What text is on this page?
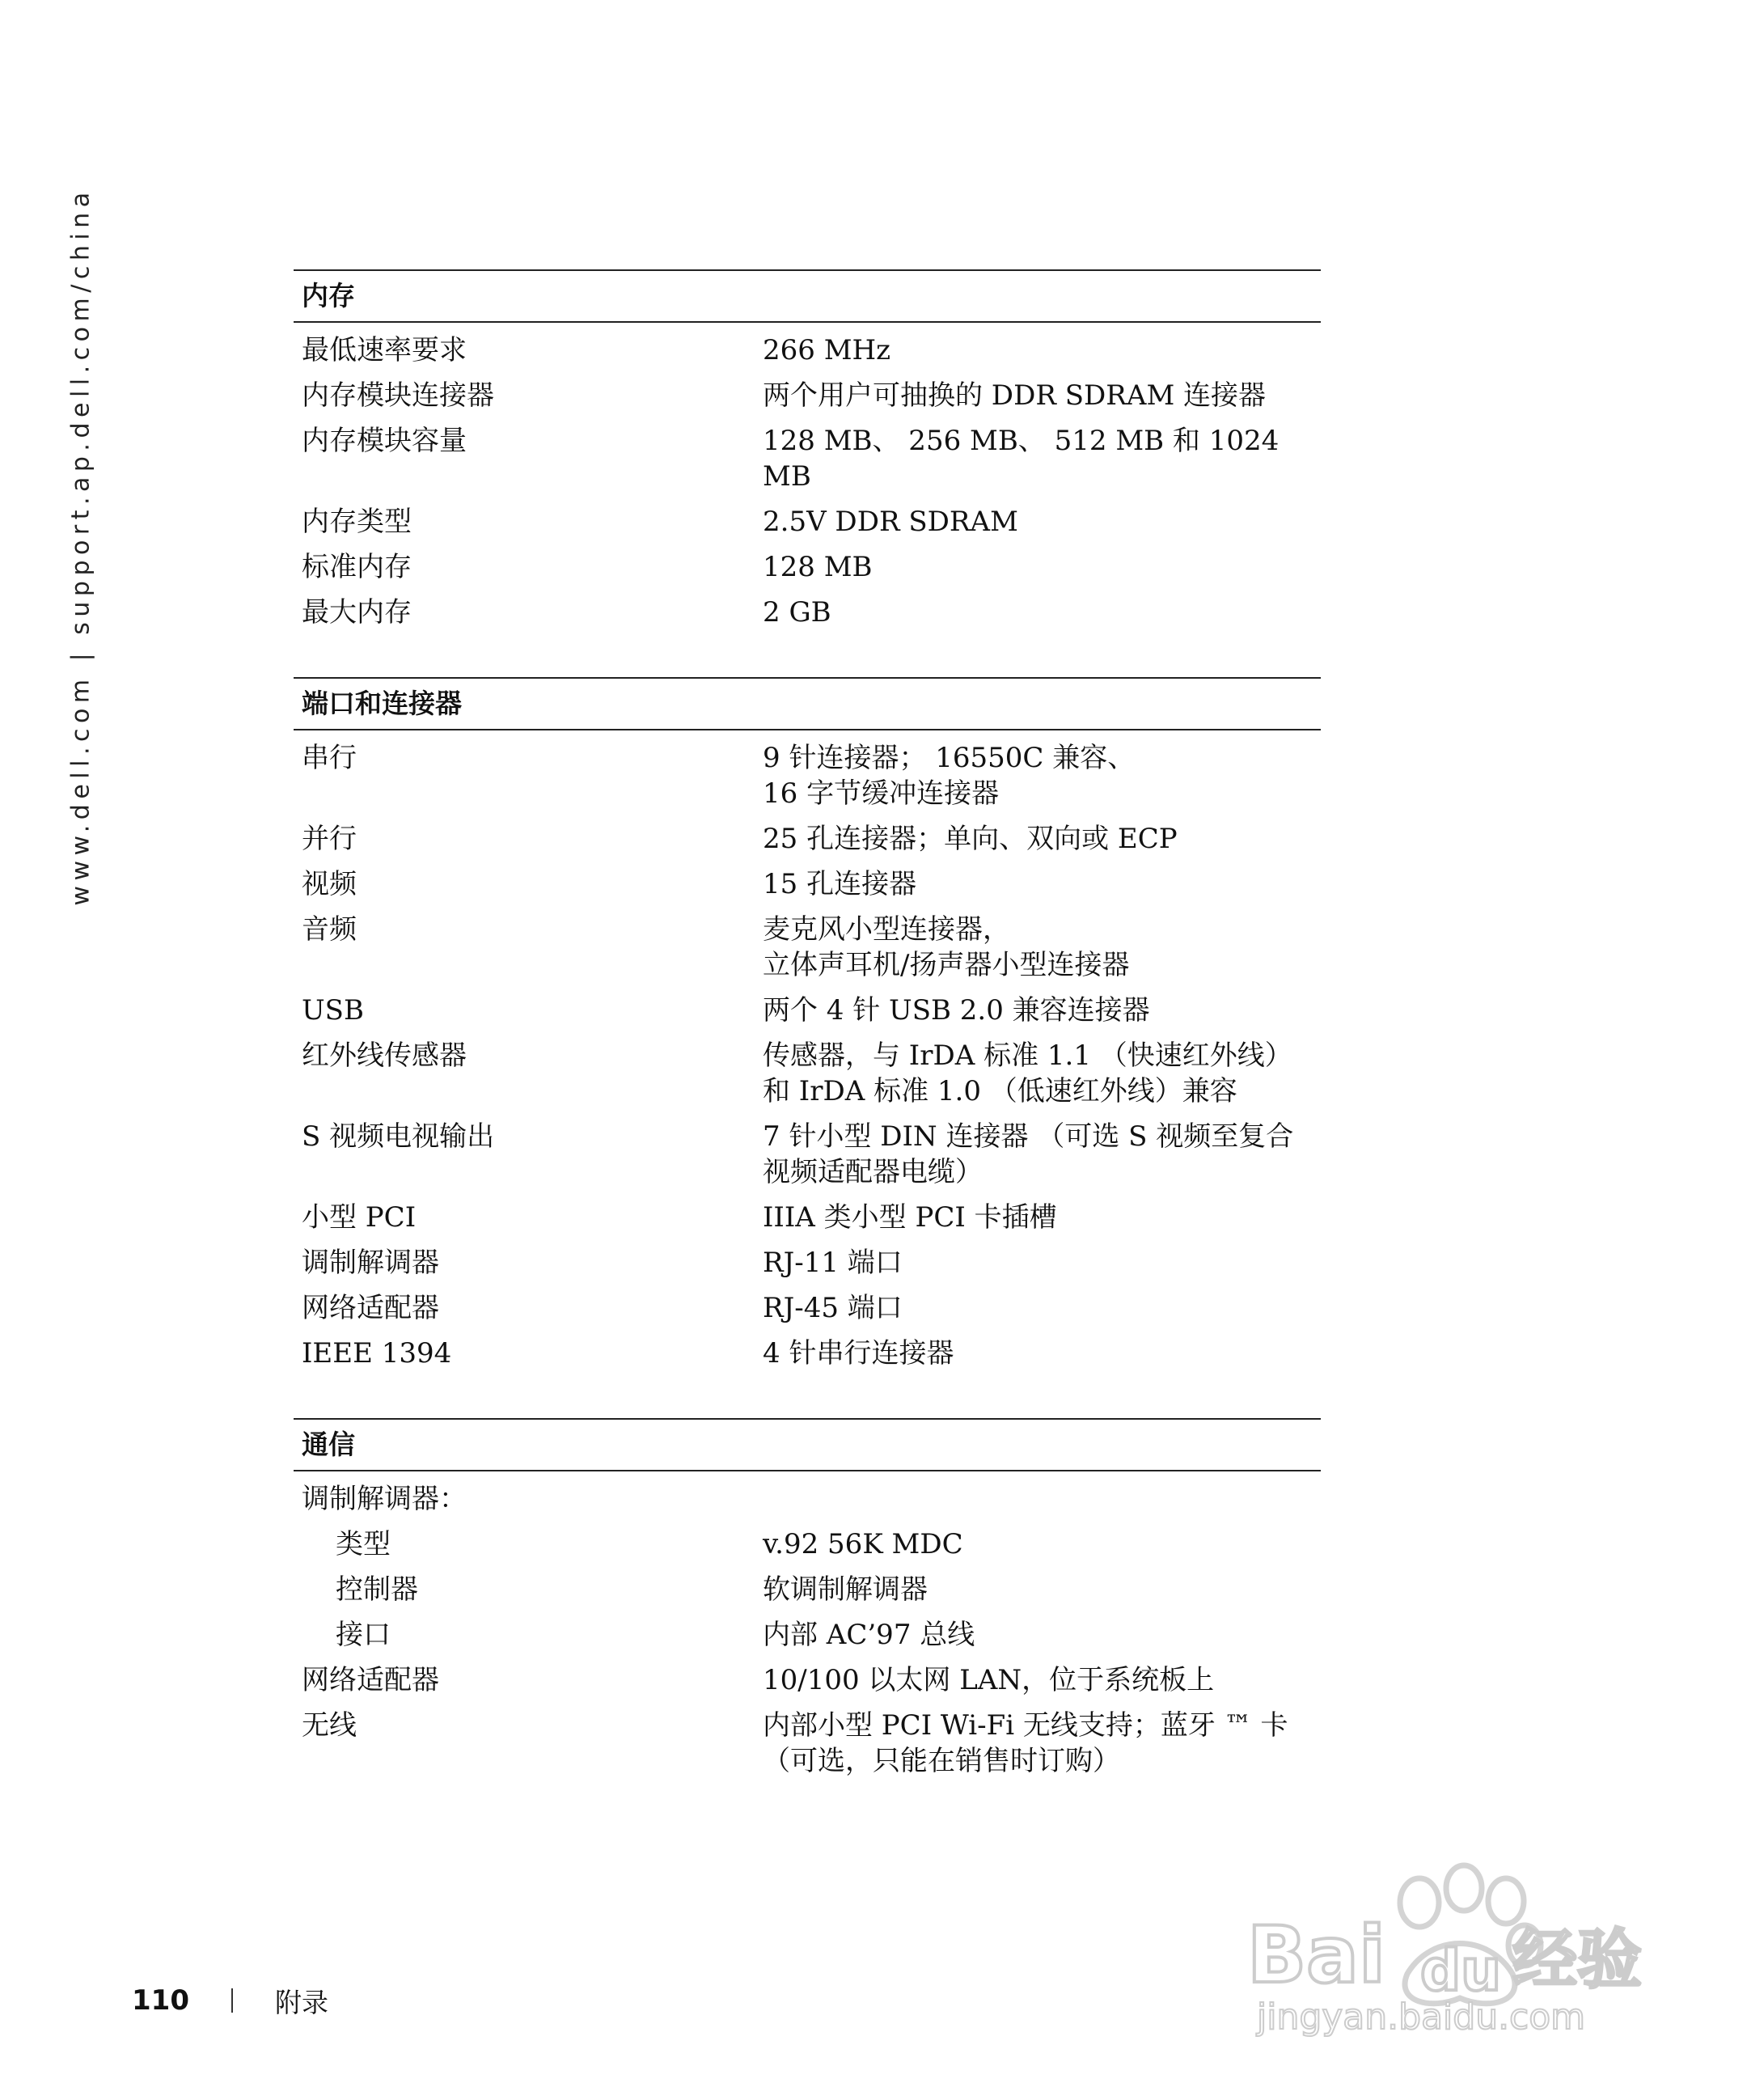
www.dell.com | support.ap.dell.com/china	内存
最低速率要求	266 MHz
内存模块连接器	两个用户可抽换的 DDR SDRAM 连接器
内存模块容量	128 MB、 256 MB、 512 MB 和 1024 MB
内存类型	2.5V DDR SDRAM
标准内存	128 MB
最大内存	2 GB
端口和连接器
串行	9 针连接器； 16550C 兼容、
16 字节缓冲连接器
并行	25 孔连接器；单向、双向或 ECP
视频	15 孔连接器
音频	麦克风小型连接器，
立体声耳机/扬声器小型连接器
USB	两个 4 针 USB 2.0 兼容连接器
红外线传感器	传感器，与 IrDA 标准 1.1 （快速红外线）
和 IrDA 标准 1.0 （低速红外线）兼容
S 视频电视输出	7 针小型 DIN 连接器 （可选 S 视频至复合
视频适配器电缆）
小型 PCI	IIIA 类小型 PCI 卡插槽
调制解调器	RJ-11 端口
网络适配器	RJ-45 端口
IEEE 1394	4 针串行连接器
通信
调制解调器：
类型	v.92 56K MDC
控制器	软调制解调器
接口	内部 AC’97 总线
网络适配器	10/100 以太网 LAN，位于系统板上
无线	内部小型 PCI Wi-Fi 无线支持；蓝牙 ™ 卡
（可选，只能在销售时订购）
110	附录
Bai du 经验
jingyan.baidu.com
